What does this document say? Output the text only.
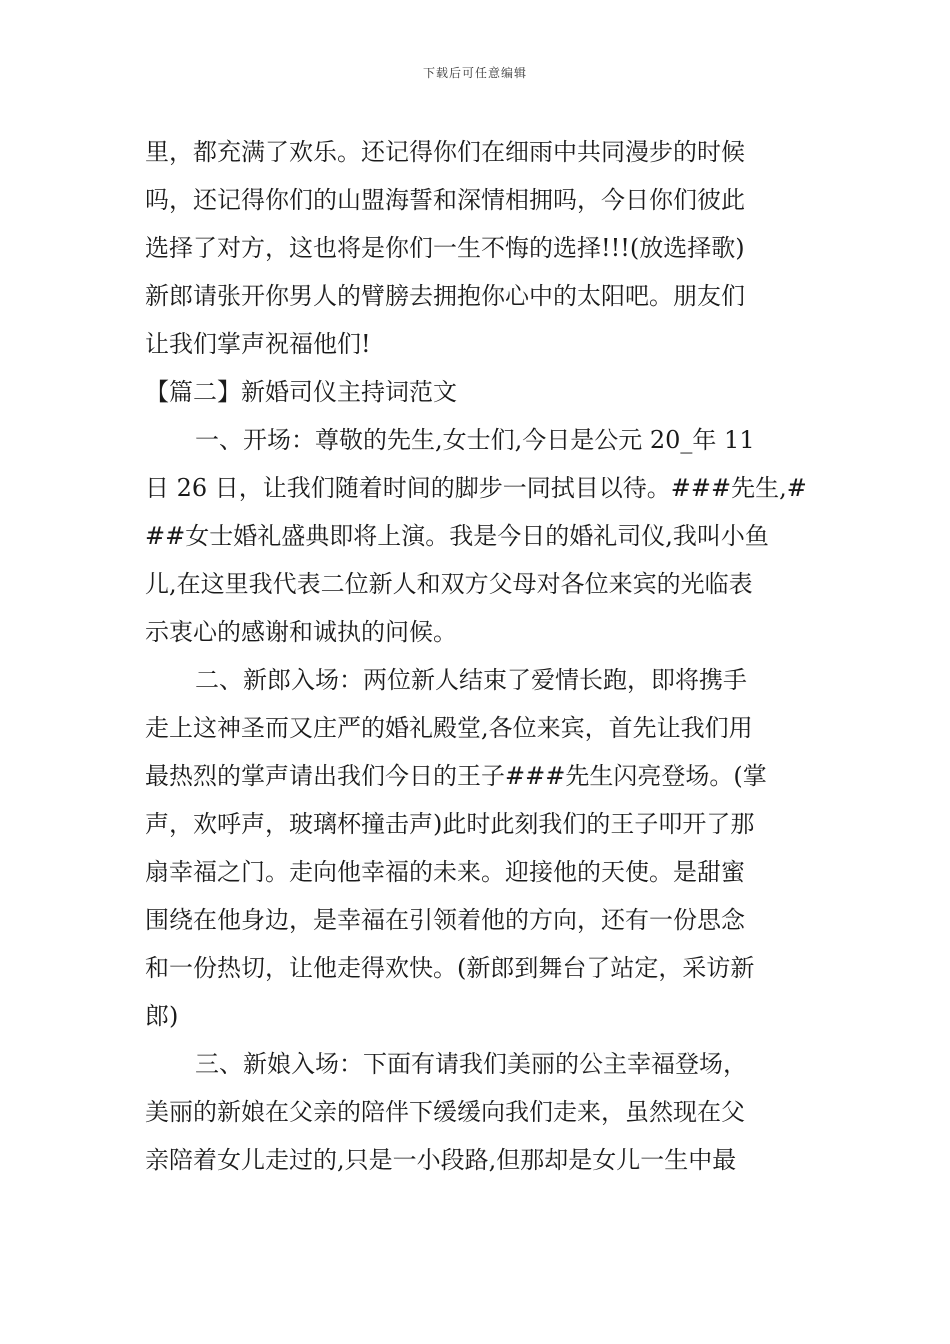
下载后可任意编辑
里，都充满了欢乐。还记得你们在细雨中共同漫步的时候
吗，还记得你们的山盟海誓和深情相拥吗，今日你们彼此
选择了对方，这也将是你们一生不悔的选择!!!(放选择歌)
新郎请张开你男人的臂膀去拥抱你心中的太阳吧。朋友们
让我们掌声祝福他们!
【篇二】新婚司仪主持词范文
一、开场：尊敬的先生,女士们,今日是公元 20_年 11
日 26 日，让我们随着时间的脚步一同拭目以待。###先生,#
##女士婚礼盛典即将上演。我是今日的婚礼司仪,我叫小鱼
儿,在这里我代表二位新人和双方父母对各位来宾的光临表
示衷心的感谢和诚执的问候。
二、新郎入场：两位新人结束了爱情长跑，即将携手
走上这神圣而又庄严的婚礼殿堂,各位来宾，首先让我们用
最热烈的掌声请出我们今日的王子###先生闪亮登场。(掌
声，欢呼声，玻璃杯撞击声)此时此刻我们的王子叩开了那
扇幸福之门。走向他幸福的未来。迎接他的天使。是甜蜜
围绕在他身边，是幸福在引领着他的方向，还有一份思念
和一份热切，让他走得欢快。(新郎到舞台了站定，采访新
郎)
三、新娘入场：下面有请我们美丽的公主幸福登场，
美丽的新娘在父亲的陪伴下缓缓向我们走来，虽然现在父
亲陪着女儿走过的,只是一小段路,但那却是女儿一生中最
